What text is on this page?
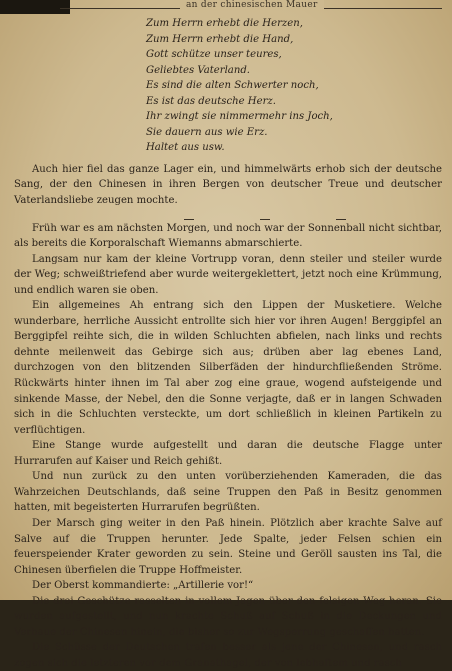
an der chinesischen Mauer
Zum Herrn erhebt die Herzen,
Zum Herrn erhebt die Hand,
Gott schütze unser teures,
Geliebtes Vaterland.
Es sind die alten Schwerter noch,
Es ist das deutsche Herz.
Ihr zwingt sie nimmermehr ins Joch,
Sie dauern aus wie Erz.
Haltet aus usw.

Auch hier fiel das ganze Lager ein, und himmelwärts erhob sich der deutsche Sang, der den Chinesen in ihren Bergen von deutscher Treue und deutscher Vaterlandsliebe zeugen mochte.

Früh war es am nächsten Morgen, und noch war der Sonnenball nicht sichtbar, als bereits die Korporalschaft Wiemanns abmarschierte.

Langsam nur kam der kleine Vortrupp voran, denn steiler und steiler wurde der Weg; schweißtriefend aber wurde weitergeklettert, jetzt noch eine Krümmung, und endlich waren sie oben.

Ein allgemeines Ah entrang sich den Lippen der Musketiere. Welche wunderbare, herrliche Aussicht entrollte sich hier vor ihren Augen! Berggipfel an Berggipfel reihte sich, die in wilden Schluchten abfielen, nach links und rechts dehnte meilenweit das Gebirge sich aus; drüben aber lag ebenes Land, durchzogen von den blitzenden Silberfäden der hindurchfließenden Ströme. Rückwärts hinter ihnen im Tal aber zog eine graue, wogend aufsteigende und sinkende Masse, der Nebel, den die Sonne verjagte, daß er in langen Schwaden sich in die Schluchten versteckte, um dort schließlich in kleinen Partikeln zu verflüchtigen.

Eine Stange wurde aufgestellt und daran die deutsche Flagge unter Hurrarufen auf Kaiser und Reich gehißt.

Und nun zurück zu den unten vorüberziehenden Kameraden, die das Wahrzeichen Deutschlands, daß seine Truppen den Paß in Besitz genommen hatten, mit begeisterten Hurrarufen begrüßten.

Der Marsch ging weiter in den Paß hinein. Plötzlich aber krachte Salve auf Salve auf die Truppen herunter. Jede Spalte, jeder Felsen schien ein feuerspeiender Krater geworden zu sein. Steine und Geröll sausten ins Tal, die Chinesen überfielen die Truppe Hoffmeister.

Der Oberst kommandierte: „Artillerie vor!“

Die drei Geschütze rasselten in vollem Jagen über den felsigen Weg heran. Sie wurden aufgestellt, und nun krachte Schuß auf Schuß in die Deckungen und Verhaue der Chinesen hinein, die bisher so zur Wegsperrung geschaffen hatten.

Die Schüsse der Deutschen trafen besser als jene der Chinesen, und rasch zogen sich die letzteren vor dem Granathagel, der von lebhaftem und rasch
